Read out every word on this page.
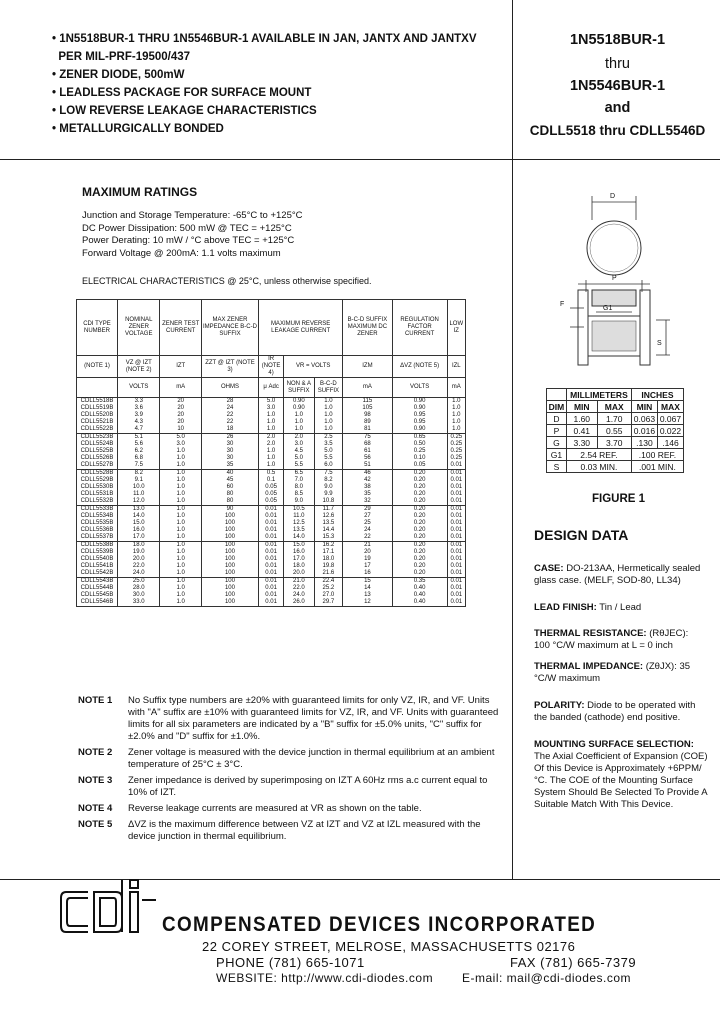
• 1N5518BUR-1 THRU 1N5546BUR-1 AVAILABLE IN JAN, JANTX AND JANTXV
PER MIL-PRF-19500/437
• ZENER DIODE, 500mW
• LEADLESS PACKAGE FOR SURFACE MOUNT
• LOW REVERSE LEAKAGE CHARACTERISTICS
• METALLURGICALLY BONDED
1N5518BUR-1
thru
1N5546BUR-1
and
CDLL5518 thru CDLL5546D
MAXIMUM RATINGS
Junction and Storage Temperature: -65°C to +125°C
DC Power Dissipation: 500 mW @ TEC = +125°C
Power Derating: 10 mW / °C above TEC = +125°C
Forward Voltage @ 200mA: 1.1 volts maximum
ELECTRICAL CHARACTERISTICS @ 25°C, unless otherwise specified.
CDI TYPE NUMBER	NOMINAL ZENER VOLTAGE	ZENER TEST CURRENT	MAX ZENER IMPEDANCE B-C-D SUFFIX	MAXIMUM REVERSE LEAKAGE CURRENT			B-C-D SUFFIX MAXIMUM DC ZENER	REGULATION FACTOR CURRENT	LOW IZ
(NOTE 1)	VZ @ IZT (NOTE 2)	IZT	ZZT @ IZT (NOTE 3)	IR (NOTE 4)	VR = VOLTS		IZM	ΔVZ (NOTE 5)	IZL
	VOLTS	mA	OHMS	μ Adc	NON & A SUFFIX	B-C-D SUFFIX	mA	VOLTS	mA
CDLL5518B	3.3	20	28	5.0	0.90	1.0	115	0.90	1.0
CDLL5519B	3.6	20	24	3.0	0.90	1.0	105	0.90	1.0
CDLL5520B	3.9	20	22	1.0	1.0	1.0	98	0.95	1.0
CDLL5521B	4.3	20	22	1.0	1.0	1.0	89	0.95	1.0
CDLL5522B	4.7	10	18	1.0	1.0	1.0	81	0.90	1.0
CDLL5523B	5.1	5.0	26	2.0	2.0	2.5	75	0.65	0.25
CDLL5524B	5.6	3.0	30	2.0	3.0	3.5	68	0.50	0.25
CDLL5525B	6.2	1.0	30	1.0	4.5	5.0	61	0.25	0.25
CDLL5526B	6.8	1.0	30	1.0	5.0	5.5	56	0.10	0.25
CDLL5527B	7.5	1.0	35	1.0	5.5	6.0	51	0.05	0.01
CDLL5528B	8.2	1.0	40	0.5	6.5	7.5	46	0.20	0.01
CDLL5529B	9.1	1.0	45	0.1	7.0	8.2	42	0.20	0.01
CDLL5530B	10.0	1.0	60	0.05	8.0	9.0	38	0.20	0.01
CDLL5531B	11.0	1.0	80	0.05	8.5	9.9	35	0.20	0.01
CDLL5532B	12.0	1.0	80	0.05	9.0	10.8	32	0.20	0.01
CDLL5533B	13.0	1.0	90	0.01	10.5	11.7	29	0.20	0.01
CDLL5534B	14.0	1.0	100	0.01	11.0	12.6	27	0.20	0.01
CDLL5535B	15.0	1.0	100	0.01	12.5	13.5	25	0.20	0.01
CDLL5536B	16.0	1.0	100	0.01	13.5	14.4	24	0.20	0.01
CDLL5537B	17.0	1.0	100	0.01	14.0	15.3	22	0.20	0.01
CDLL5538B	18.0	1.0	100	0.01	15.0	16.2	21	0.20	0.01
CDLL5539B	19.0	1.0	100	0.01	16.0	17.1	20	0.20	0.01
CDLL5540B	20.0	1.0	100	0.01	17.0	18.0	19	0.20	0.01
CDLL5541B	22.0	1.0	100	0.01	18.0	19.8	17	0.20	0.01
CDLL5542B	24.0	1.0	100	0.01	20.0	21.6	16	0.20	0.01
CDLL5543B	25.0	1.0	100	0.01	21.0	22.4	15	0.35	0.01
CDLL5544B	28.0	1.0	100	0.01	22.0	25.2	14	0.40	0.01
CDLL5545B	30.0	1.0	100	0.01	24.0	27.0	13	0.40	0.01
CDLL5546B	33.0	1.0	100	0.01	26.0	29.7	12	0.40	0.01
NOTE 1	No Suffix type numbers are ±20% with guaranteed limits for only VZ, IR, and VF. Units with "A" suffix are ±10% with guaranteed limits for VZ, IR, and VF. Units with guaranteed limits for all six parameters are indicated by a "B" suffix for ±5.0% units, "C" suffix for ±2.0% and "D" suffix for ±1.0%.
NOTE 2	Zener voltage is measured with the device junction in thermal equilibrium at an ambient temperature of 25°C ± 3°C.
NOTE 3	Zener impedance is derived by superimposing on IZT A 60Hz rms a.c current equal to 10% of IZT.
NOTE 4	Reverse leakage currents are measured at VR as shown on the table.
NOTE 5	ΔVZ is the maximum difference between VZ at IZT and VZ at IZL measured with the device junction in thermal equilibrium.
D
P
G1
F
S
	MILLIMETERS		INCHES	
DIM	MIN	MAX	MIN	MAX
D	1.60	1.70	0.063	0.067
P	0.41	0.55	0.016	0.022
G	3.30	3.70	.130	.146
G1	2.54 REF.		.100 REF.	
S	0.03 MIN.		.001 MIN.	
FIGURE 1
DESIGN DATA
CASE: DO-213AA, Hermetically sealed glass case. (MELF, SOD-80, LL34)
LEAD FINISH: Tin / Lead
THERMAL RESISTANCE: (RθJEC):
100 °C/W maximum at L = 0 inch
THERMAL IMPEDANCE: (ZθJX): 35 °C/W maximum
POLARITY: Diode to be operated with the banded (cathode) end positive.
MOUNTING SURFACE SELECTION:
The Axial Coefficient of Expansion (COE) Of this Device is Approximately +6PPM/°C. The COE of the Mounting Surface System Should Be Selected To Provide A Suitable Match With This Device.
COMPENSATED DEVICES INCORPORATED
22 COREY STREET, MELROSE, MASSACHUSETTS 02176
PHONE (781) 665-1071	FAX (781) 665-7379
WEBSITE: http://www.cdi-diodes.com E-mail: mail@cdi-diodes.com
